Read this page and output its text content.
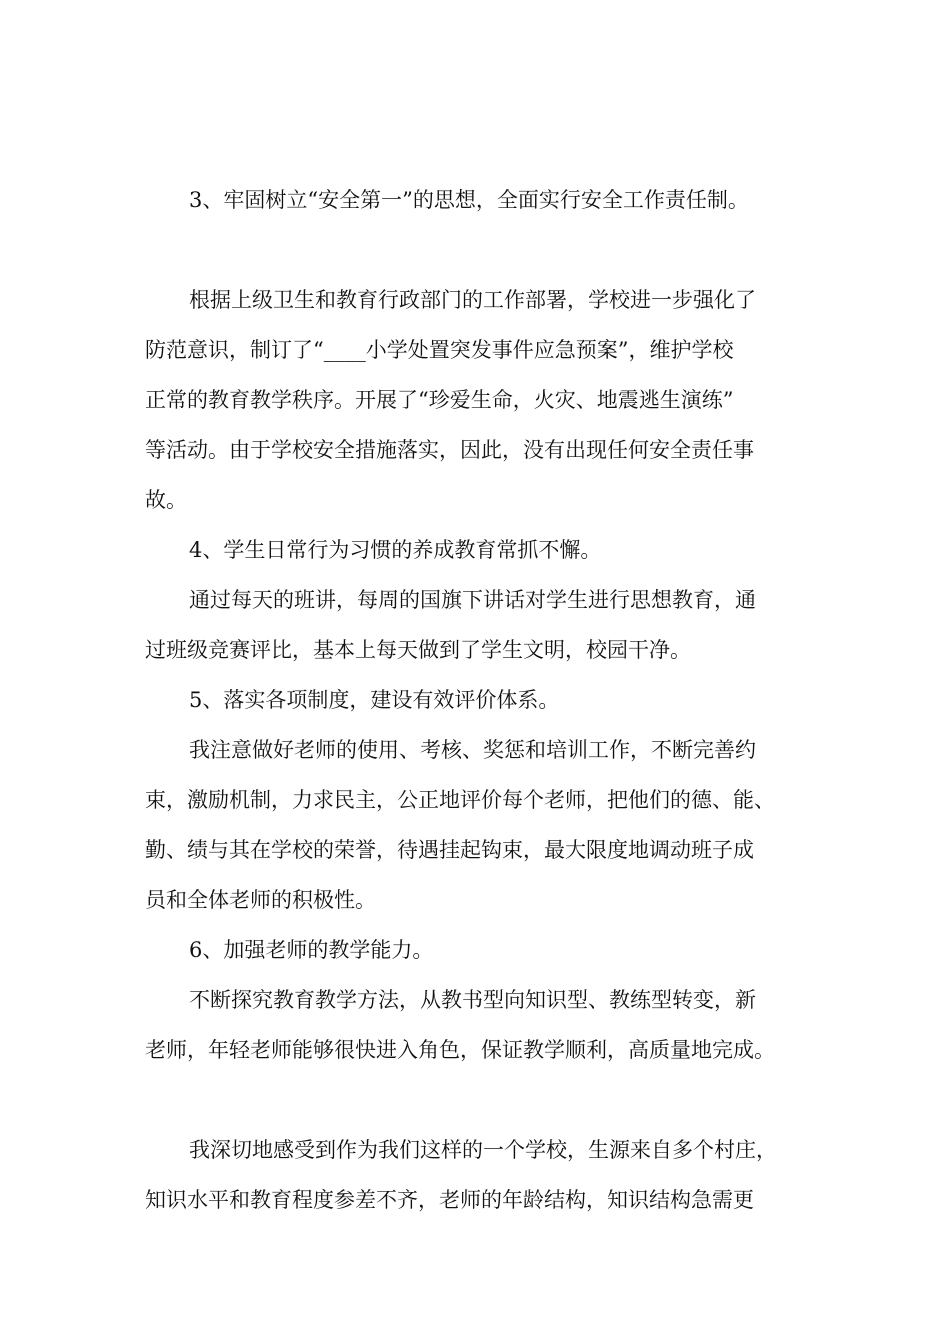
3、牢固树立“安全第一”的思想，全面实行安全工作责任制。
根据上级卫生和教育行政部门的工作部署，学校进一步强化了
防范意识，制订了“____小学处置突发事件应急预案”，维护学校
正常的教育教学秩序。开展了“珍爱生命，火灾、地震逃生演练”
等活动。由于学校安全措施落实，因此，没有出现任何安全责任事
故。
4、学生日常行为习惯的养成教育常抓不懈。
通过每天的班讲，每周的国旗下讲话对学生进行思想教育，通
过班级竞赛评比，基本上每天做到了学生文明，校园干净。
5、落实各项制度，建设有效评价体系。
我注意做好老师的使用、考核、奖惩和培训工作，不断完善约
束，激励机制，力求民主，公正地评价每个老师，把他们的德、能、
勤、绩与其在学校的荣誉，待遇挂起钩束，最大限度地调动班子成
员和全体老师的积极性。
6、加强老师的教学能力。
不断探究教育教学方法，从教书型向知识型、教练型转变，新
老师，年轻老师能够很快进入角色，保证教学顺利，高质量地完成。
我深切地感受到作为我们这样的一个学校，生源来自多个村庄，
知识水平和教育程度参差不齐，老师的年龄结构，知识结构急需更
